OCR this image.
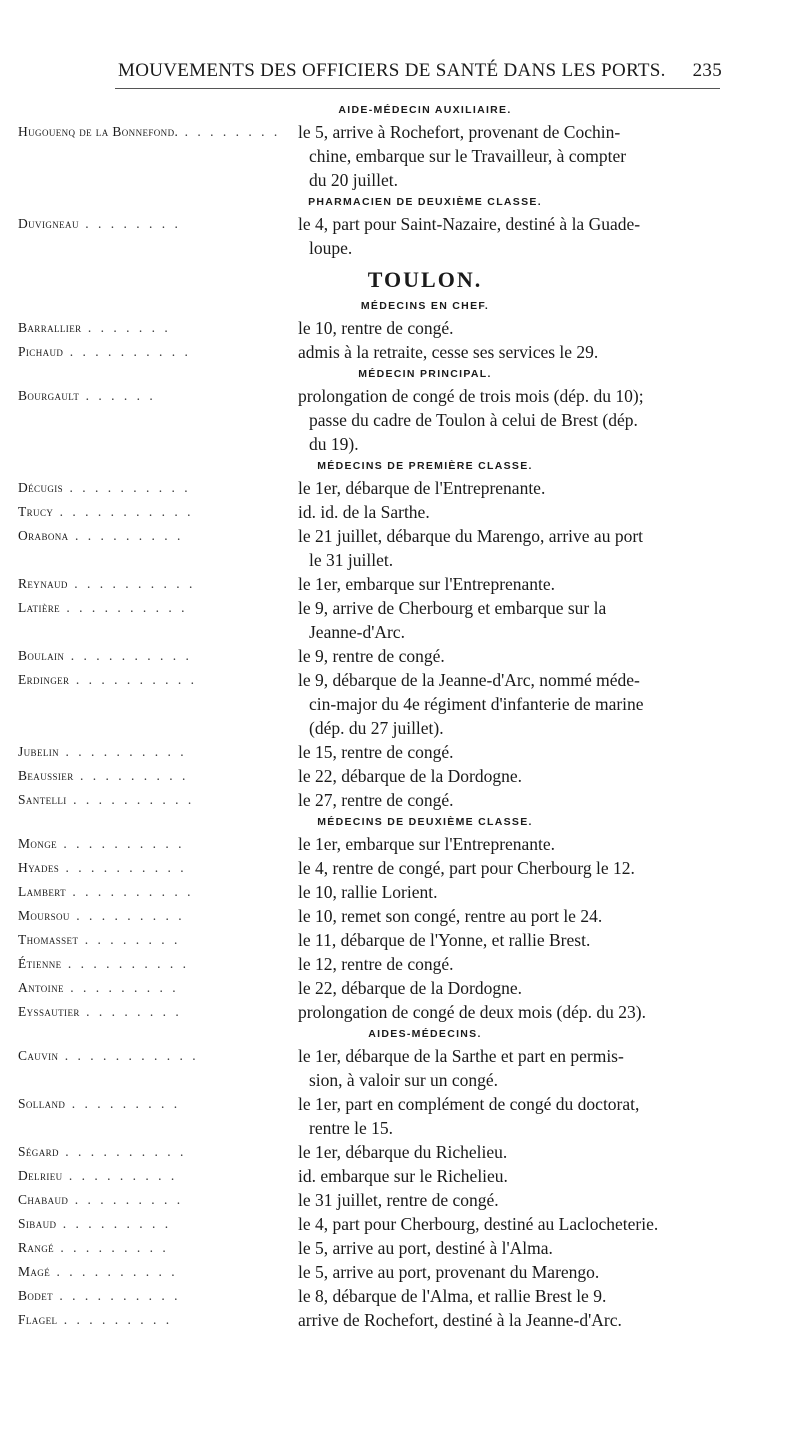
MOUVEMENTS DES OFFICIERS DE SANTÉ DANS LES PORTS. 235
AIDE-MÉDECIN AUXILIAIRE.
Hugouenq de la Bonnefond. . . . . . . . .	le 5, arrive à Rochefort, provenant de Cochin-
chine, embarque sur le Travailleur, à compter
du 20 juillet.
PHARMACIEN DE DEUXIÈME CLASSE.
Duvigneau . . . . . . . .	le 4, part pour Saint-Nazaire, destiné à la Guade-
loupe.
TOULON.
MÉDECINS EN CHEF.
Barrallier . . . . . . .	le 10, rentre de congé.
Pichaud . . . . . . . . . .	admis à la retraite, cesse ses services le 29.
MÉDECIN PRINCIPAL.
Bourgault . . . . . .	prolongation de congé de trois mois (dép. du 10);
passe du cadre de Toulon à celui de Brest (dép.
du 19).
MÉDECINS DE PREMIÈRE CLASSE.
Décugis . . . . . . . . . .	le 1er, débarque de l'Entreprenante.
Trucy . . . . . . . . . . .	id. id. de la Sarthe.
Orabona . . . . . . . . .	le 21 juillet, débarque du Marengo, arrive au port
le 31 juillet.
Reynaud . . . . . . . . . .	le 1er, embarque sur l'Entreprenante.
Latière . . . . . . . . . .	le 9, arrive de Cherbourg et embarque sur la
Jeanne-d'Arc.
Boulain . . . . . . . . . .	le 9, rentre de congé.
Erdinger . . . . . . . . . .	le 9, débarque de la Jeanne-d'Arc, nommé méde-
cin-major du 4e régiment d'infanterie de marine
(dép. du 27 juillet).
Jubelin . . . . . . . . . .	le 15, rentre de congé.
Beaussier . . . . . . . . .	le 22, débarque de la Dordogne.
Santelli . . . . . . . . . .	le 27, rentre de congé.
MÉDECINS DE DEUXIÈME CLASSE.
Monge . . . . . . . . . .	le 1er, embarque sur l'Entreprenante.
Hyades . . . . . . . . . .	le 4, rentre de congé, part pour Cherbourg le 12.
Lambert . . . . . . . . . .	le 10, rallie Lorient.
Moursou . . . . . . . . .	le 10, remet son congé, rentre au port le 24.
Thomasset . . . . . . . .	le 11, débarque de l'Yonne, et rallie Brest.
Étienne . . . . . . . . . .	le 12, rentre de congé.
Antoine . . . . . . . . .	le 22, débarque de la Dordogne.
Eyssautier . . . . . . . .	prolongation de congé de deux mois (dép. du 23).
AIDES-MÉDECINS.
Cauvin . . . . . . . . . . .	le 1er, débarque de la Sarthe et part en permis-
sion, à valoir sur un congé.
Solland . . . . . . . . .	le 1er, part en complément de congé du doctorat,
rentre le 15.
Ségard . . . . . . . . . .	le 1er, débarque du Richelieu.
Delrieu . . . . . . . . .	id. embarque sur le Richelieu.
Chabaud . . . . . . . . .	le 31 juillet, rentre de congé.
Sibaud . . . . . . . . .	le 4, part pour Cherbourg, destiné au Laclocheterie.
Rangé . . . . . . . . .	le 5, arrive au port, destiné à l'Alma.
Magé . . . . . . . . . .	le 5, arrive au port, provenant du Marengo.
Bodet . . . . . . . . . .	le 8, débarque de l'Alma, et rallie Brest le 9.
Flagel . . . . . . . . .	arrive de Rochefort, destiné à la Jeanne-d'Arc.
